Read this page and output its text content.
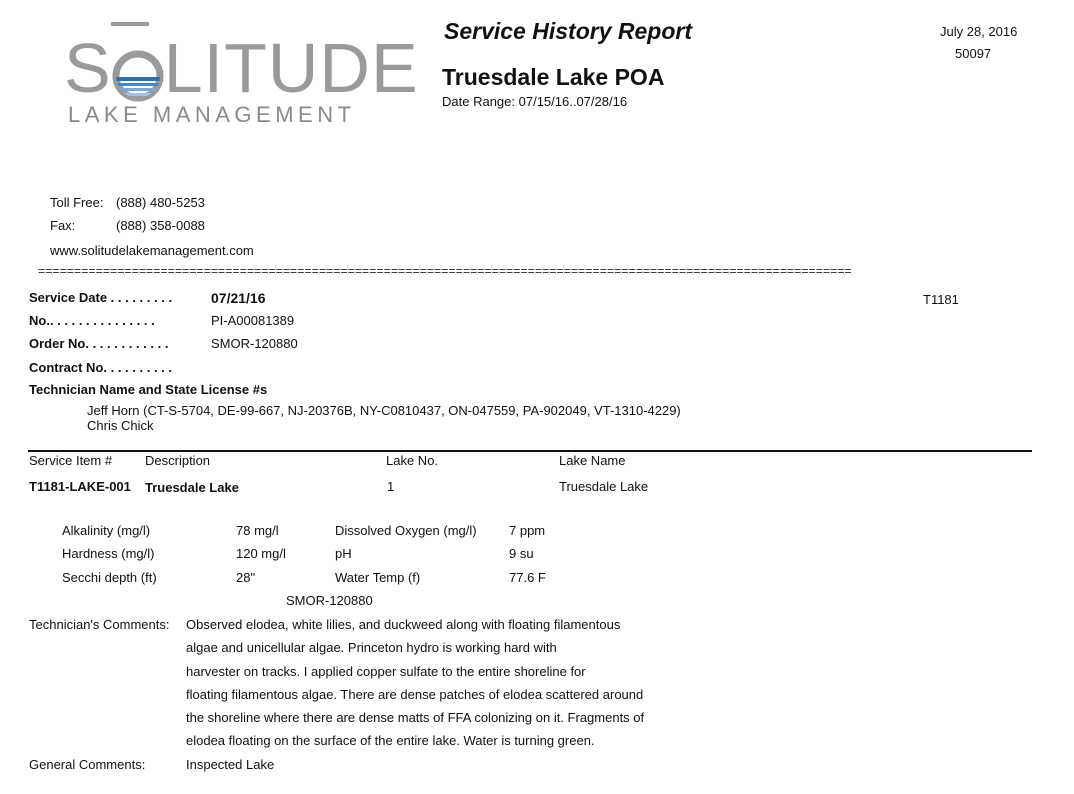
S LITUDE
LAKE MANAGEMENT
Service History Report
Truesdale Lake POA
Date Range: 07/15/16..07/28/16
July 28, 2016
50097
Toll Free: (888) 480-5253
Fax:	(888) 358-0088
www.solitudelakemanagement.com
=================================================================================================================
Service Date . . . . . . . . .	07/21/16	T1181
No.. . . . . . . . . . . . . . .	PI-A00081389
Order No. . . . . . . . . . . .	SMOR-120880
Contract No. . . . . . . . . .
Technician Name and State License #s
Jeff Horn (CT-S-5704, DE-99-667, NJ-20376B, NY-C0810437, ON-047559, PA-902049, VT-1310-4229)
Chris Chick
Service Item #	Description	Lake No.	Lake Name
T1181-LAKE-001 Truesdale Lake	1	Truesdale Lake
Alkalinity (mg/l)	78 mg/l	Dissolved Oxygen (mg/l) 7 ppm
Hardness (mg/l)	120 mg/l	pH	9 su
Secchi depth (ft)	28"	Water Temp (f)	77.6 F
SMOR-120880
Technician's Comments: Observed elodea, white lilies, and duckweed along with floating filamentous
algae and unicellular algae. Princeton hydro is working hard with
harvester on tracks. I applied copper sulfate to the entire shoreline for
floating filamentous algae. There are dense patches of elodea scattered around
the shoreline where there are dense matts of FFA colonizing on it. Fragments of
elodea floating on the surface of the entire lake. Water is turning green.
General Comments:	Inspected Lake
